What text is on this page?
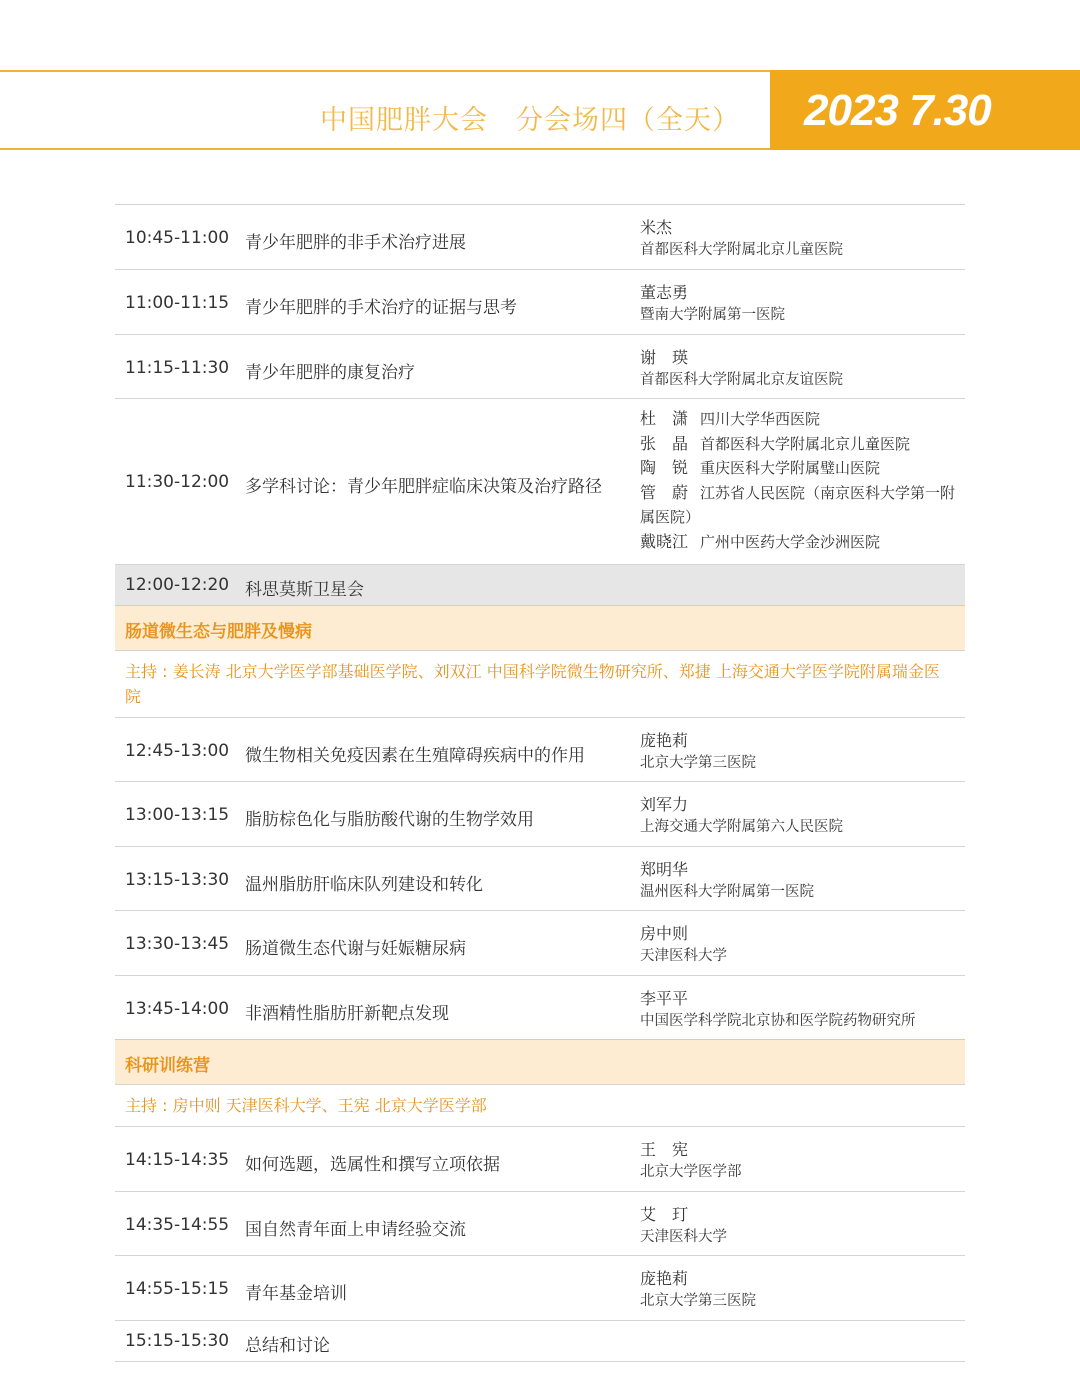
中国肥胖大会　分会场四（全天） 2023 7.30
10:45-11:00 青少年肥胖的非手术治疗进展
米杰
首都医科大学附属北京儿童医院
11:00-11:15 青少年肥胖的手术治疗的证据与思考
董志勇
暨南大学附属第一医院
11:15-11:30 青少年肥胖的康复治疗
谢　瑛
首都医科大学附属北京友谊医院
11:30-12:00 多学科讨论：青少年肥胖症临床决策及治疗路径
杜　潇 四川大学华西医院
张　晶 首都医科大学附属北京儿童医院
陶　锐 重庆医科大学附属璧山医院
管　蔚 江苏省人民医院（南京医科大学第一附属医院）
戴晓江 广州中医药大学金沙洲医院
12:00-12:20 科思莫斯卫星会
肠道微生态与肥胖及慢病
主持 : 姜长涛 北京大学医学部基础医学院、刘双江 中国科学院微生物研究所、郑捷 上海交通大学医学院附属瑞金医院
12:45-13:00 微生物相关免疫因素在生殖障碍疾病中的作用
庞艳莉
北京大学第三医院
13:00-13:15 脂肪棕色化与脂肪酸代谢的生物学效用
刘军力
上海交通大学附属第六人民医院
13:15-13:30 温州脂肪肝临床队列建设和转化
郑明华
温州医科大学附属第一医院
13:30-13:45 肠道微生态代谢与妊娠糖尿病
房中则
天津医科大学
13:45-14:00 非酒精性脂肪肝新靶点发现
李平平
中国医学科学院北京协和医学院药物研究所
科研训练营
主持 : 房中则 天津医科大学、王宪 北京大学医学部
14:15-14:35 如何选题，选属性和撰写立项依据
王　宪
北京大学医学部
14:35-14:55 国自然青年面上申请经验交流
艾　玎
天津医科大学
14:55-15:15 青年基金培训
庞艳莉
北京大学第三医院
15:15-15:30 总结和讨论
